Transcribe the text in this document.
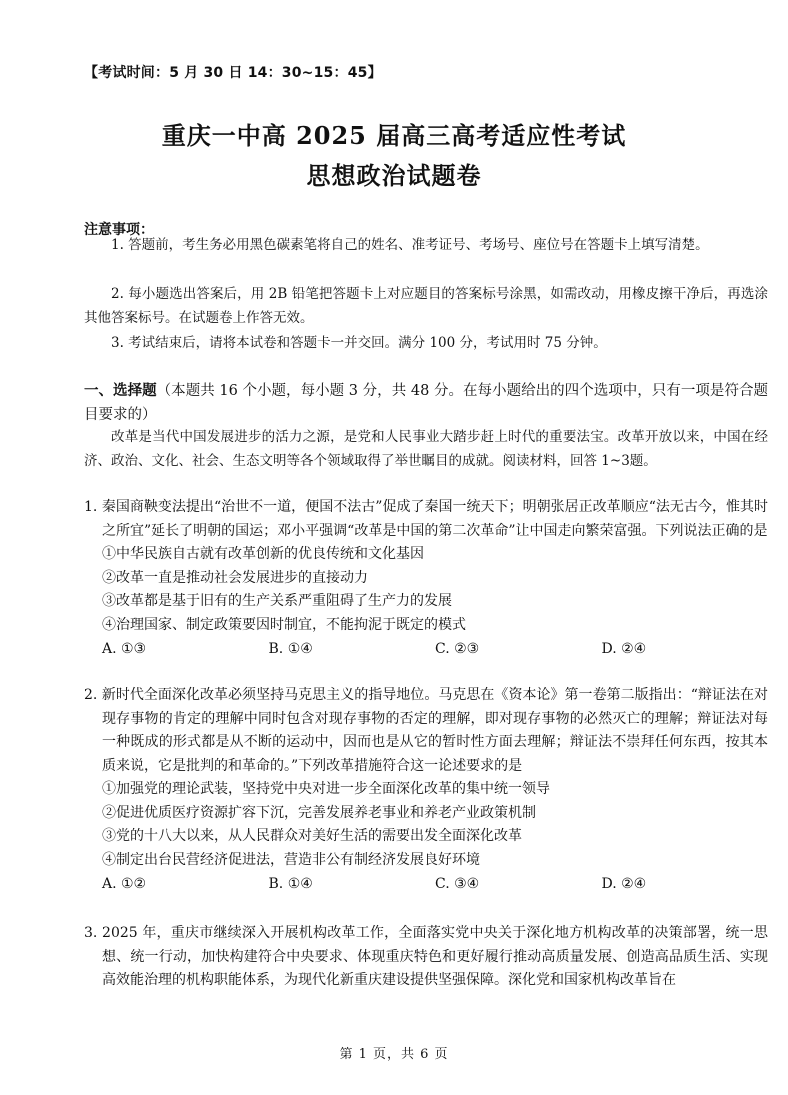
【考试时间：5 月 30 日 14：30~15：45】
重庆一中高 2025 届高三高考适应性考试
思想政治试题卷
注意事项：
1. 答题前，考生务必用黑色碳素笔将自己的姓名、准考证号、考场号、座位号在答题卡上填写清楚。
2. 每小题选出答案后，用 2B 铅笔把答题卡上对应题目的答案标号涂黑，如需改动，用橡皮擦干净后，再选涂其他答案标号。在试题卷上作答无效。
3. 考试结束后，请将本试卷和答题卡一并交回。满分 100 分，考试用时 75 分钟。
一、选择题（本题共 16 个小题，每小题 3 分，共 48 分。在每小题给出的四个选项中，只有一项是符合题目要求的）
改革是当代中国发展进步的活力之源，是党和人民事业大踏步赶上时代的重要法宝。改革开放以来，中国在经济、政治、文化、社会、生态文明等各个领域取得了举世瞩目的成就。阅读材料，回答 1~3题。
1. 秦国商鞅变法提出“治世不一道，便国不法古”促成了秦国一统天下；明朝张居正改革顺应“法无古今，惟其时之所宜”延长了明朝的国运；邓小平强调“改革是中国的第二次革命”让中国走向繁荣富强。下列说法正确的是
①中华民族自古就有改革创新的优良传统和文化基因
②改革一直是推动社会发展进步的直接动力
③改革都是基于旧有的生产关系严重阻碍了生产力的发展
④治理国家、制定政策要因时制宜，不能拘泥于既定的模式
A. ①③	B. ①④	C. ②③	D. ②④
2. 新时代全面深化改革必须坚持马克思主义的指导地位。马克思在《资本论》第一卷第二版指出：“辩证法在对现存事物的肯定的理解中同时包含对现存事物的否定的理解，即对现存事物的必然灭亡的理解；辩证法对每一种既成的形式都是从不断的运动中，因而也是从它的暂时性方面去理解；辩证法不崇拜任何东西，按其本质来说，它是批判的和革命的。”下列改革措施符合这一论述要求的是
①加强党的理论武装，坚持党中央对进一步全面深化改革的集中统一领导
②促进优质医疗资源扩容下沉，完善发展养老事业和养老产业政策机制
③党的十八大以来，从人民群众对美好生活的需要出发全面深化改革
④制定出台民营经济促进法，营造非公有制经济发展良好环境
A. ①②	B. ①④	C. ③④	D. ②④
3. 2025 年，重庆市继续深入开展机构改革工作，全面落实党中央关于深化地方机构改革的决策部署，统一思想、统一行动，加快构建符合中央要求、体现重庆特色和更好履行推动高质量发展、创造高品质生活、实现高效能治理的机构职能体系，为现代化新重庆建设提供坚强保障。深化党和国家机构改革旨在
第 1 页，共 6 页
